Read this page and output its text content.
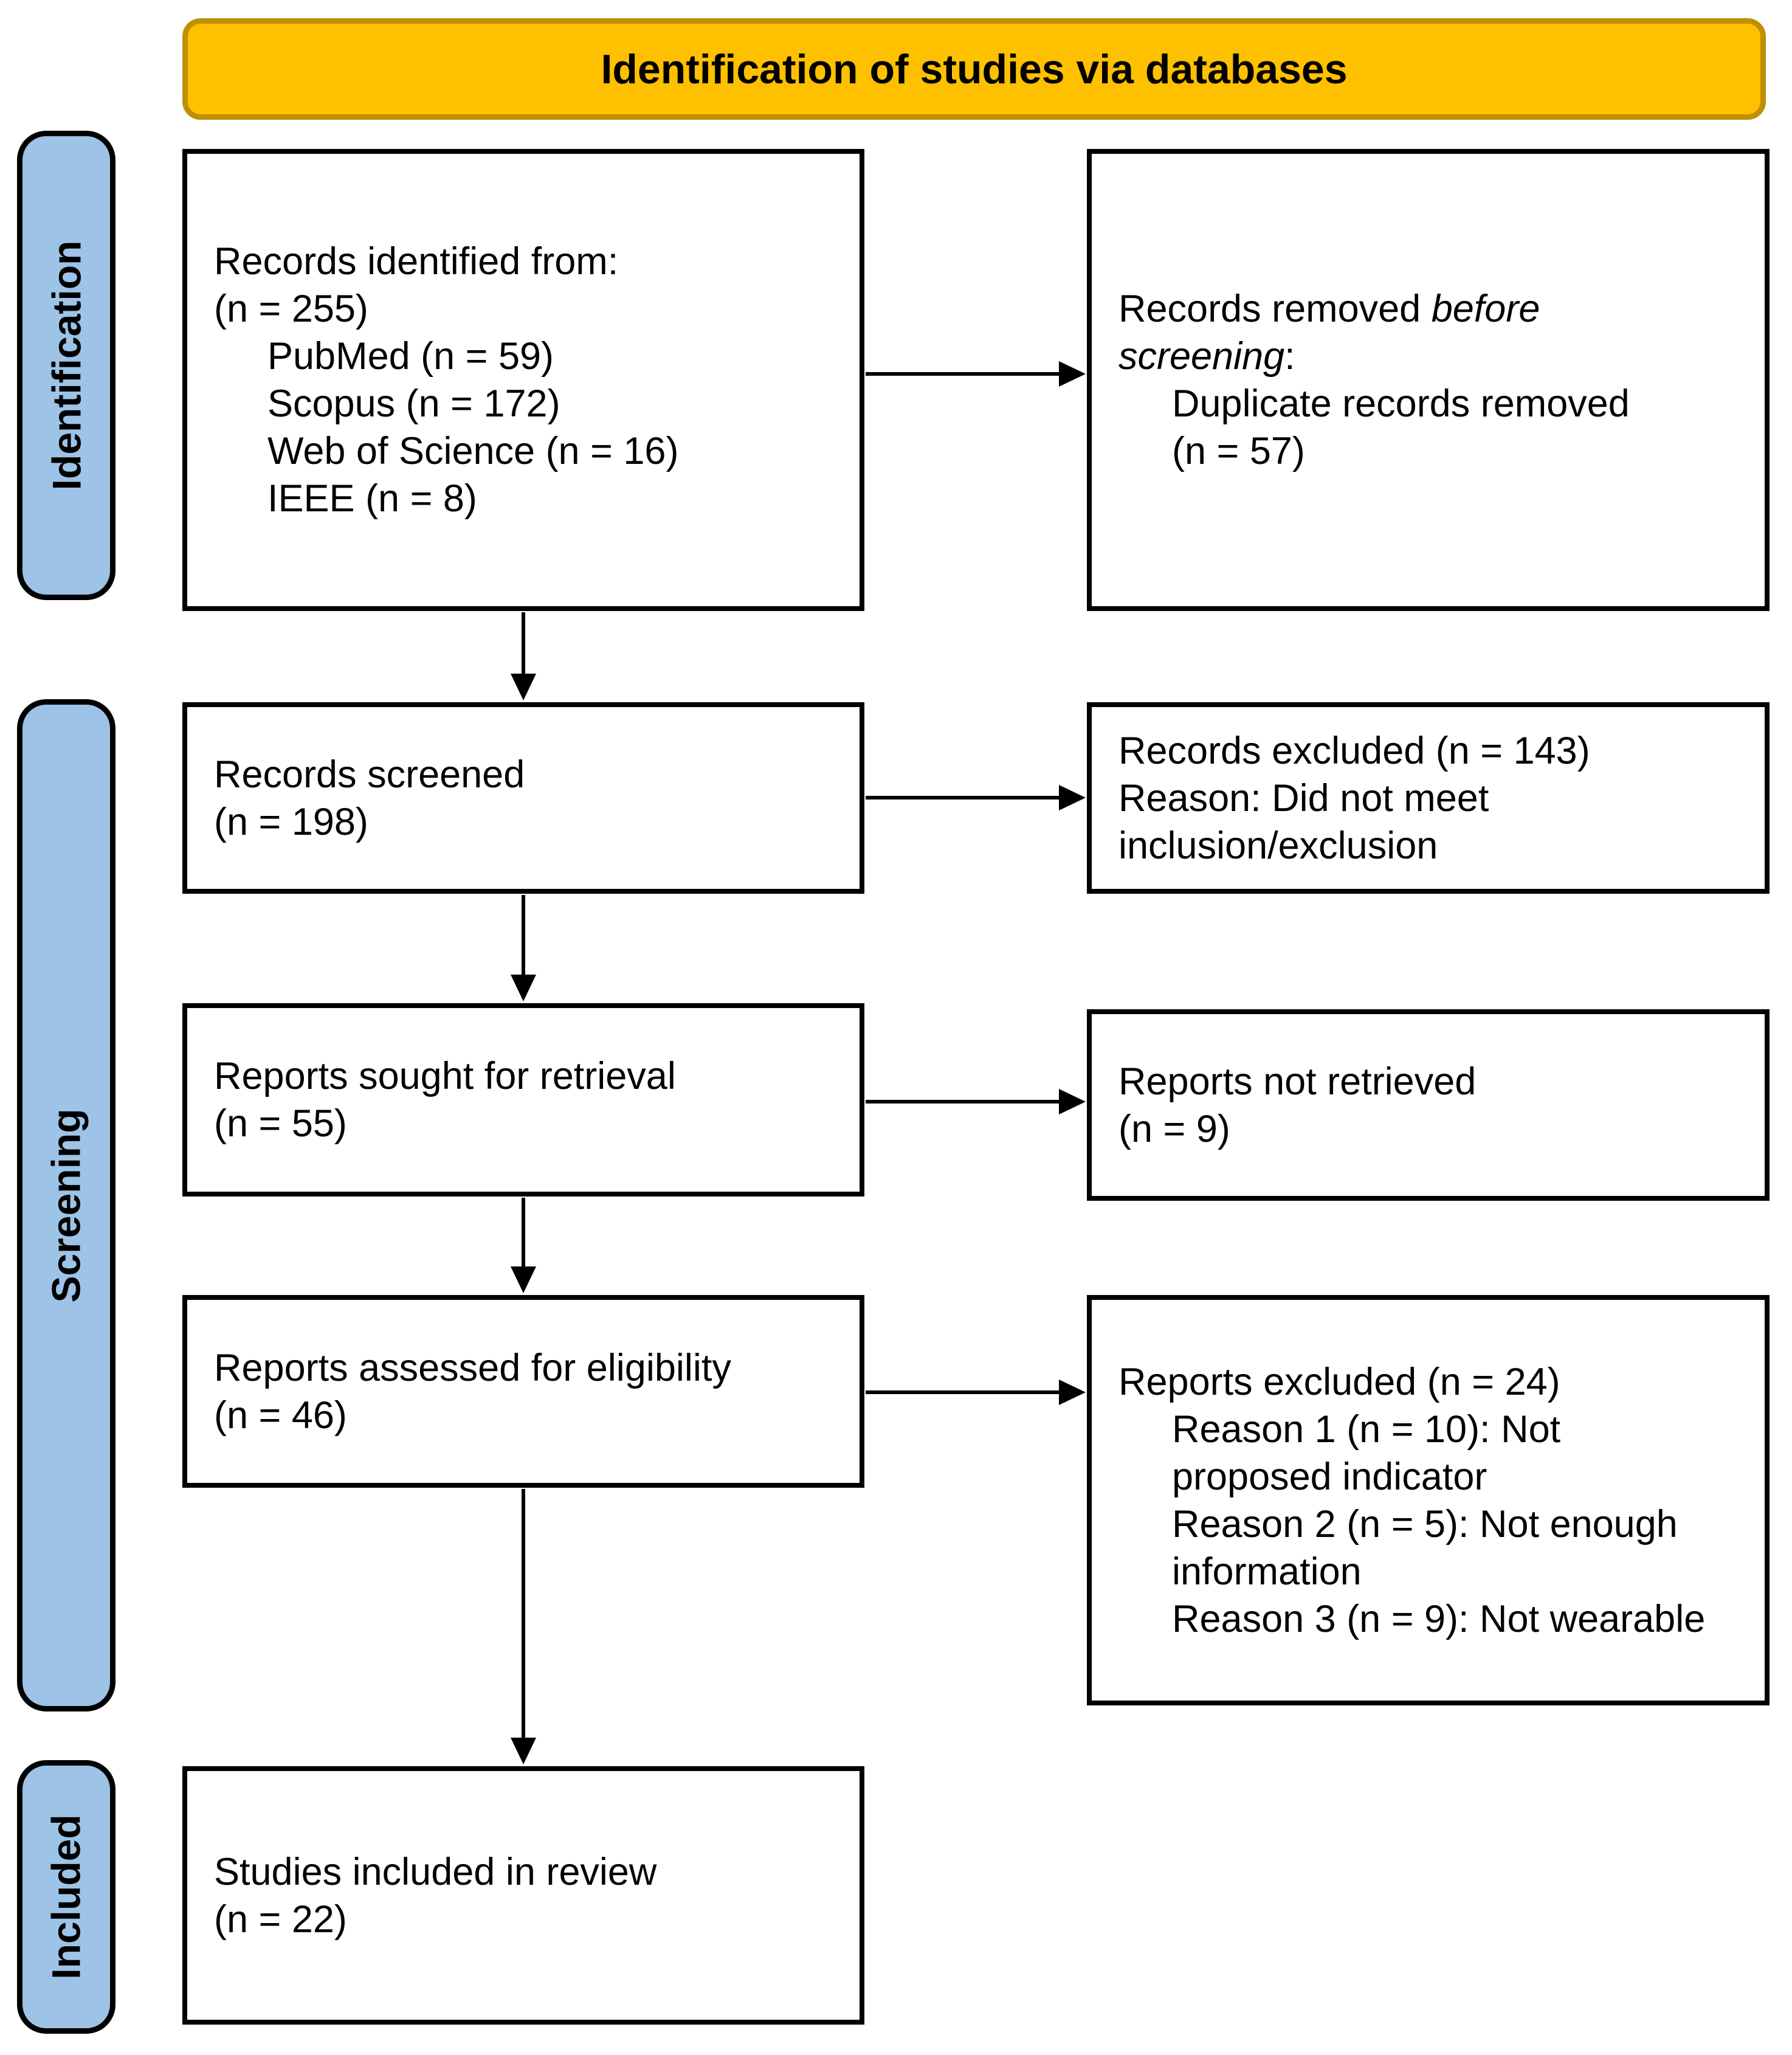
Identification of studies via databases
Identification
Screening
Included
Records identified from:
(n = 255)
PubMed (n = 59)
Scopus (n = 172)
Web of Science (n = 16)
IEEE (n = 8)
Records removed before
screening:
Duplicate records removed
(n = 57)
Records screened
(n = 198)
Records excluded (n = 143)
Reason: Did not meet
inclusion/exclusion
Reports sought for retrieval
(n = 55)
Reports not retrieved
(n = 9)
Reports assessed for eligibility
(n = 46)
Reports excluded (n = 24)
Reason 1 (n = 10): Not
proposed indicator
Reason 2 (n = 5): Not enough
information
Reason 3 (n = 9): Not wearable
Studies included in review
(n = 22)
